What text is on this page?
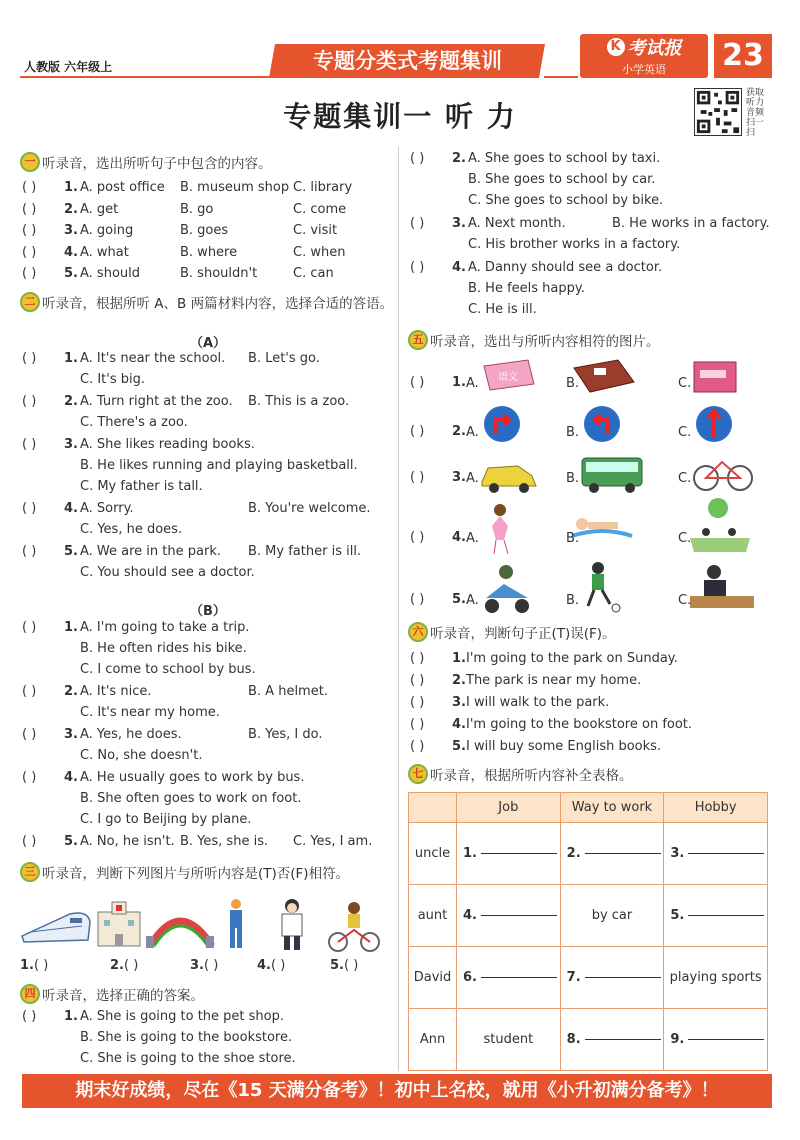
人教版 六年级上	专题分类式考题集训
K 考试报
小学英语	23
专题集训一 听 力
获取听力音频 扫一扫
一 听录音，选出所听句子中包含的内容。
二 听录音，根据所听 A、B 两篇材料内容，选择合适的答语。
（A）
（B）
三 听录音，判断下列图片与所听内容是(T)否(F)相符。
四 听录音，选择正确的答案。
五 听录音，选出与所听内容相符的图片。
语文
六 听录音，判断句子正(T)误(F)。
七 听录音，根据所听内容补全表格。
	Job	Way to work	Hobby
uncle	1.	2.	3.
aunt	4.	by car	5.
David	6.	7.	playing sports
Ann	student	8.	9.
期末好成绩，尽在《15 天满分备考》！初中上名校，就用《小升初满分备考》！
( ) 1. A. post office B. museum shop C. library
( ) 2. A. get	B. go	C. come
( ) 3. A. going	B. goes	C. visit
( ) 4. A. what	B. where	C. when
( ) 5. A. should	B. shouldn't	C. can
( ) 1. A. It's near the school. B. Let's go.
C. It's big.
( ) 2. A. Turn right at the zoo. B. This is a zoo.
C. There's a zoo.
( ) 3. A. She likes reading books.
B. He likes running and playing basketball.
C. My father is tall.
( ) 4. A. Sorry.	B. You're welcome.
C. Yes, he does.
( ) 5. A. We are in the park. B. My father is ill.
C. You should see a doctor.
( ) 1. A. I'm going to take a trip.
B. He often rides his bike.
C. I come to school by bus.
( ) 2. A. It's nice.	B. A helmet.
C. It's near my home.
( ) 3. A. Yes, he does.	B. Yes, I do.
C. No, she doesn't.
( ) 4. A. He usually goes to work by bus.
B. She often goes to work on foot.
C. I go to Beijing by plane.
( ) 5. A. No, he isn't. B. Yes, she is. C. Yes, I am.
1. ( )	2. ( )	3. ( )	4. ( )	5. ( )
( ) 1. A. She is going to the pet shop.
B. She is going to the bookstore.
C. She is going to the shoe store.
( ) 2. A. She goes to school by taxi.
B. She goes to school by car.
C. She goes to school by bike.
( ) 3. A. Next month.	B. He works in a factory.
C. His brother works in a factory.
( ) 4. A. Danny should see a doctor.
B. He feels happy.
C. He is ill.
( ) 1. A.	B.	C.
( ) 2. A.	B.	C.
( ) 3. A.	B.	C.
( ) 4. A.	B.	C.
( ) 5. A.	B.	C.
( ) 1. I'm going to the park on Sunday.
( ) 2. The park is near my home.
( ) 3. I will walk to the park.
( ) 4. I'm going to the bookstore on foot.
( ) 5. I will buy some English books.
